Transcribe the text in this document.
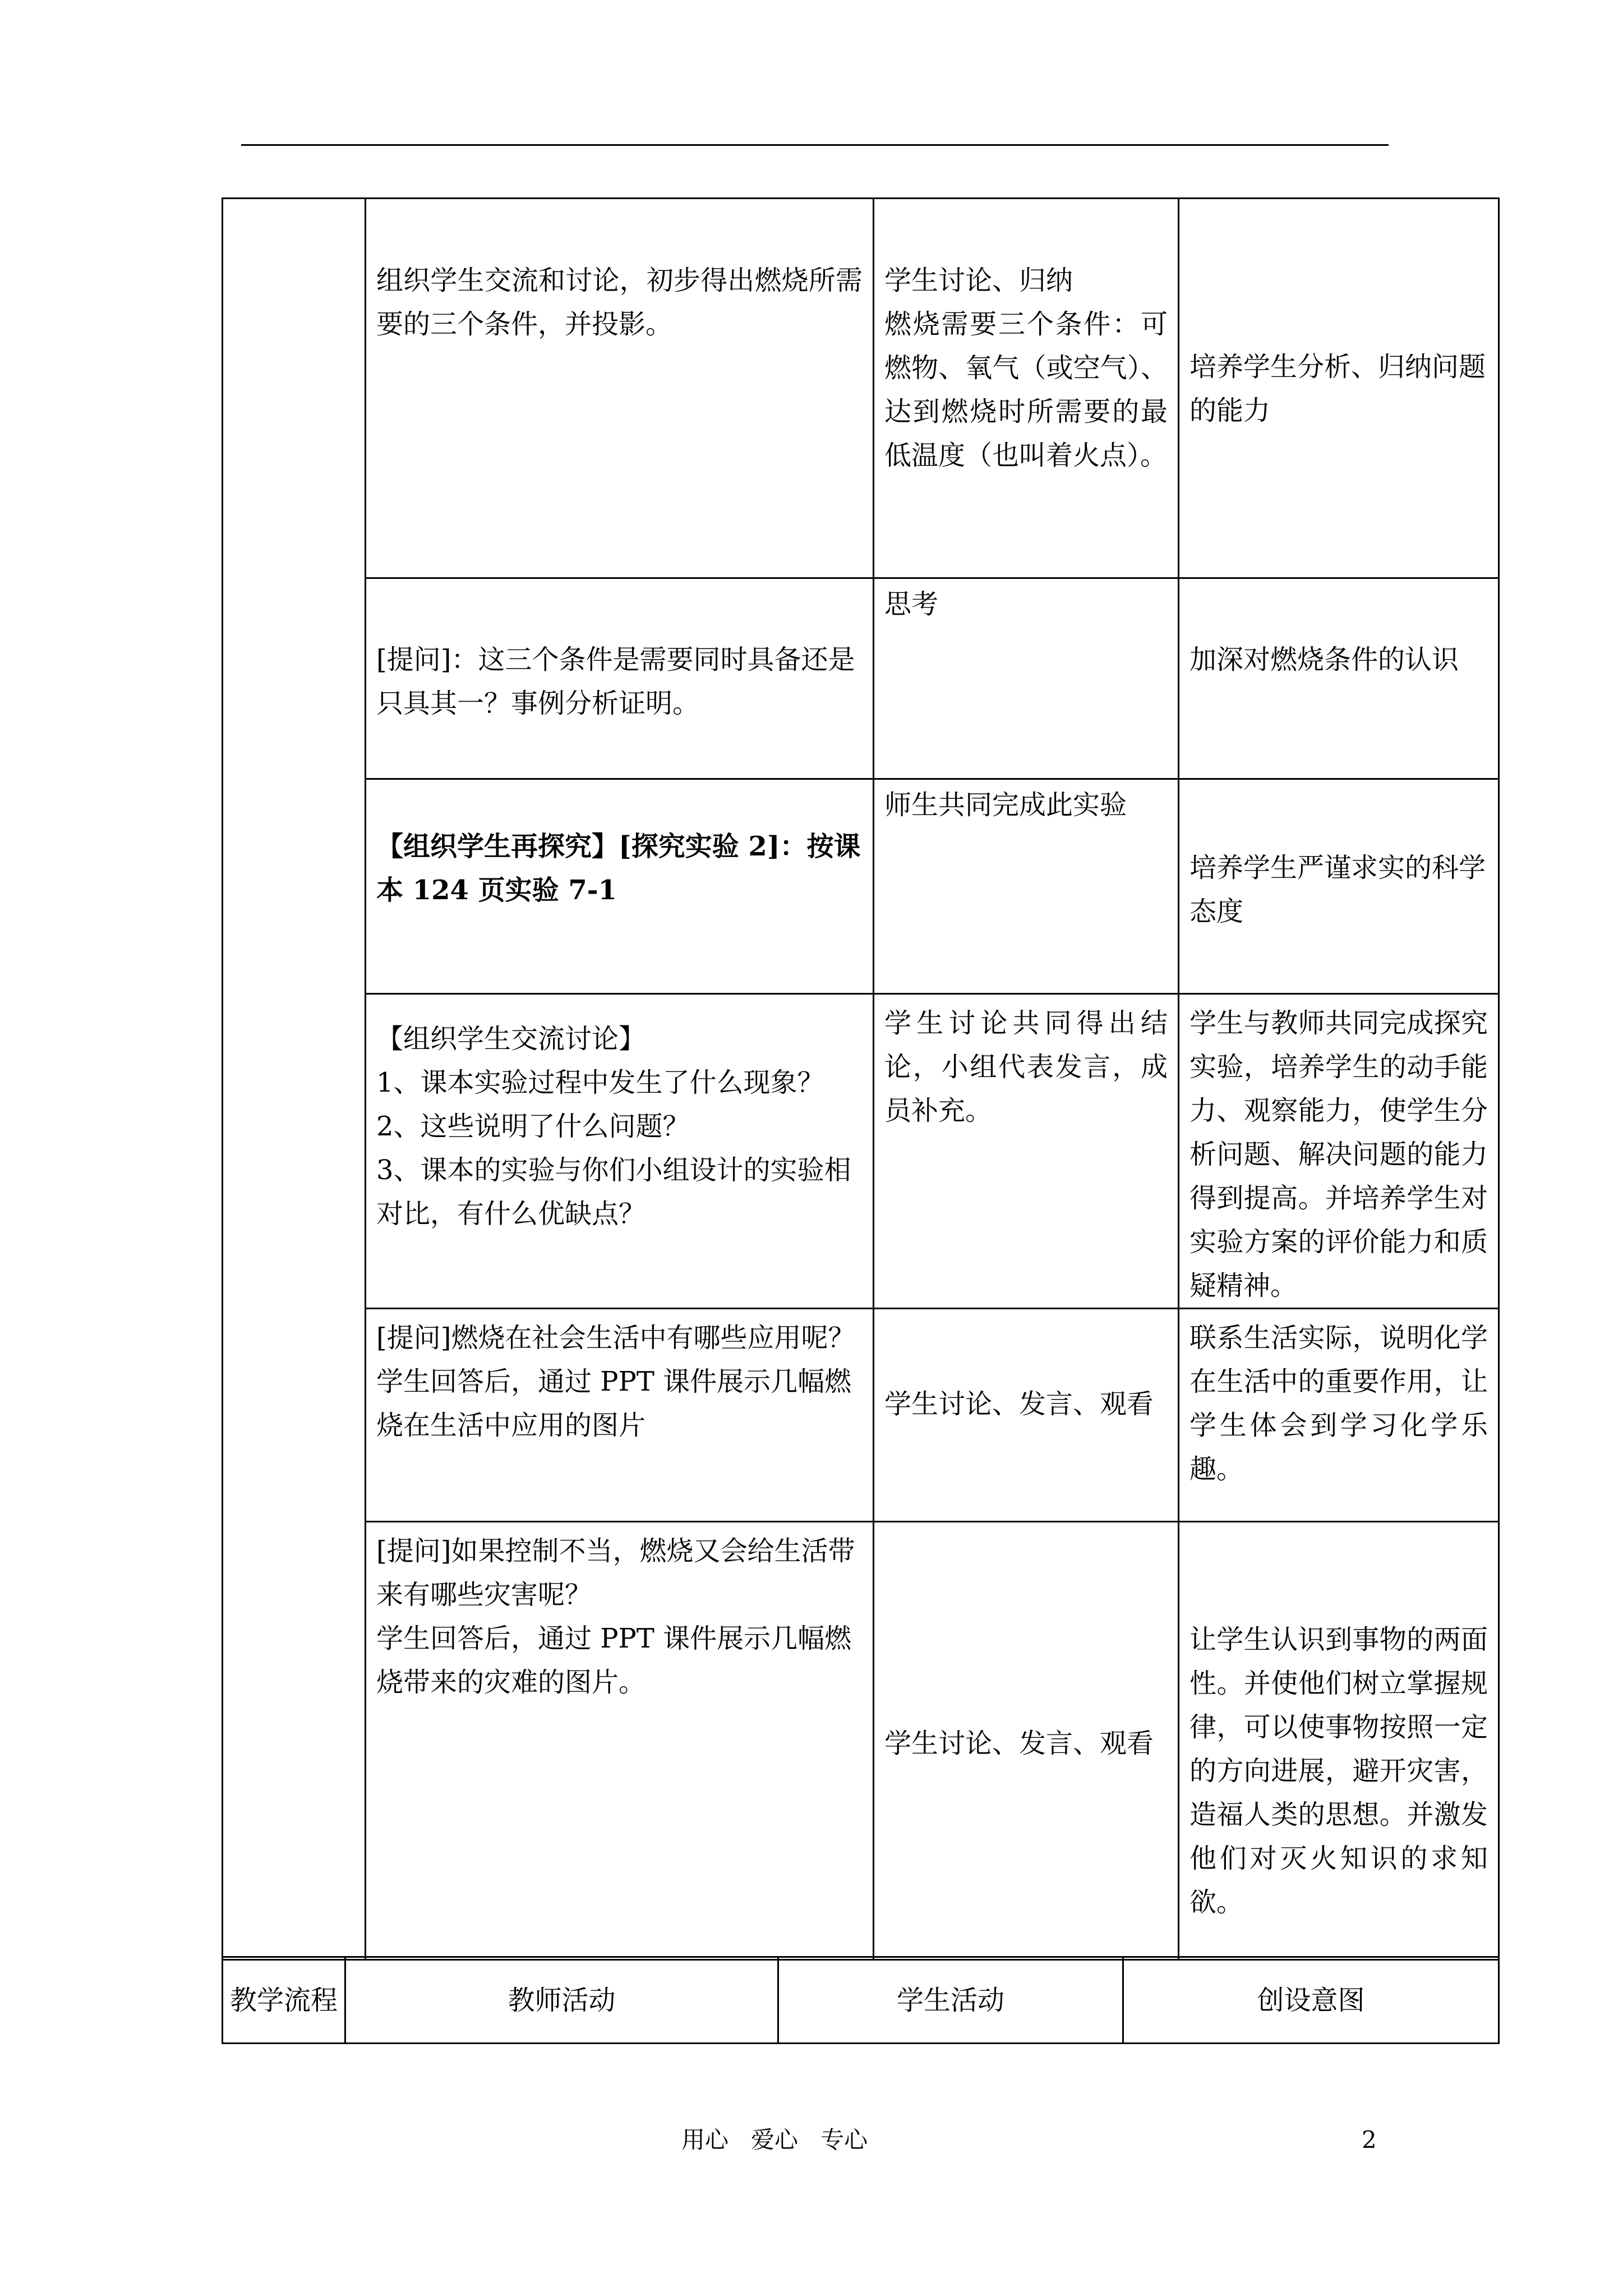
	组织学生交流和讨论，初步得出燃烧所需要的三个条件，并投影。	学生讨论、归纳
燃烧需要三个条件：可燃物、氧气（或空气）、达到燃烧时所需要的最低温度（也叫着火点）。	培养学生分析、归纳问题的能力

	[提问]：这三个条件是需要同时具备还是只具其一？事例分析证明。	思考	加深对燃烧条件的认识

	【组织学生再探究】[探究实验 2]：按课本 124 页实验 7-1	师生共同完成此实验	培养学生严谨求实的科学态度

	【组织学生交流讨论】
1、课本实验过程中发生了什么现象？
2、这些说明了什么问题？
3、课本的实验与你们小组设计的实验相对比，有什么优缺点？	学生讨论共同得出结论，小组代表发言，成员补充。	学生与教师共同完成探究实验，培养学生的动手能力、观察能力，使学生分析问题、解决问题的能力得到提高。并培养学生对实验方案的评价能力和质疑精神。

	[提问]燃烧在社会生活中有哪些应用呢？
学生回答后，通过 PPT 课件展示几幅燃烧在生活中应用的图片	学生讨论、发言、观看	联系生活实际，说明化学在生活中的重要作用，让学生体会到学习化学乐趣。

	[提问]如果控制不当，燃烧又会给生活带来有哪些灾害呢？
学生回答后，通过 PPT 课件展示几幅燃烧带来的灾难的图片。	学生讨论、发言、观看	让学生认识到事物的两面性。并使他们树立掌握规律，可以使事物按照一定的方向进展，避开灾害，造福人类的思想。并激发他们对灭火知识的求知欲。
教学流程	教师活动	学生活动	创设意图
用心   爱心   专心	2
